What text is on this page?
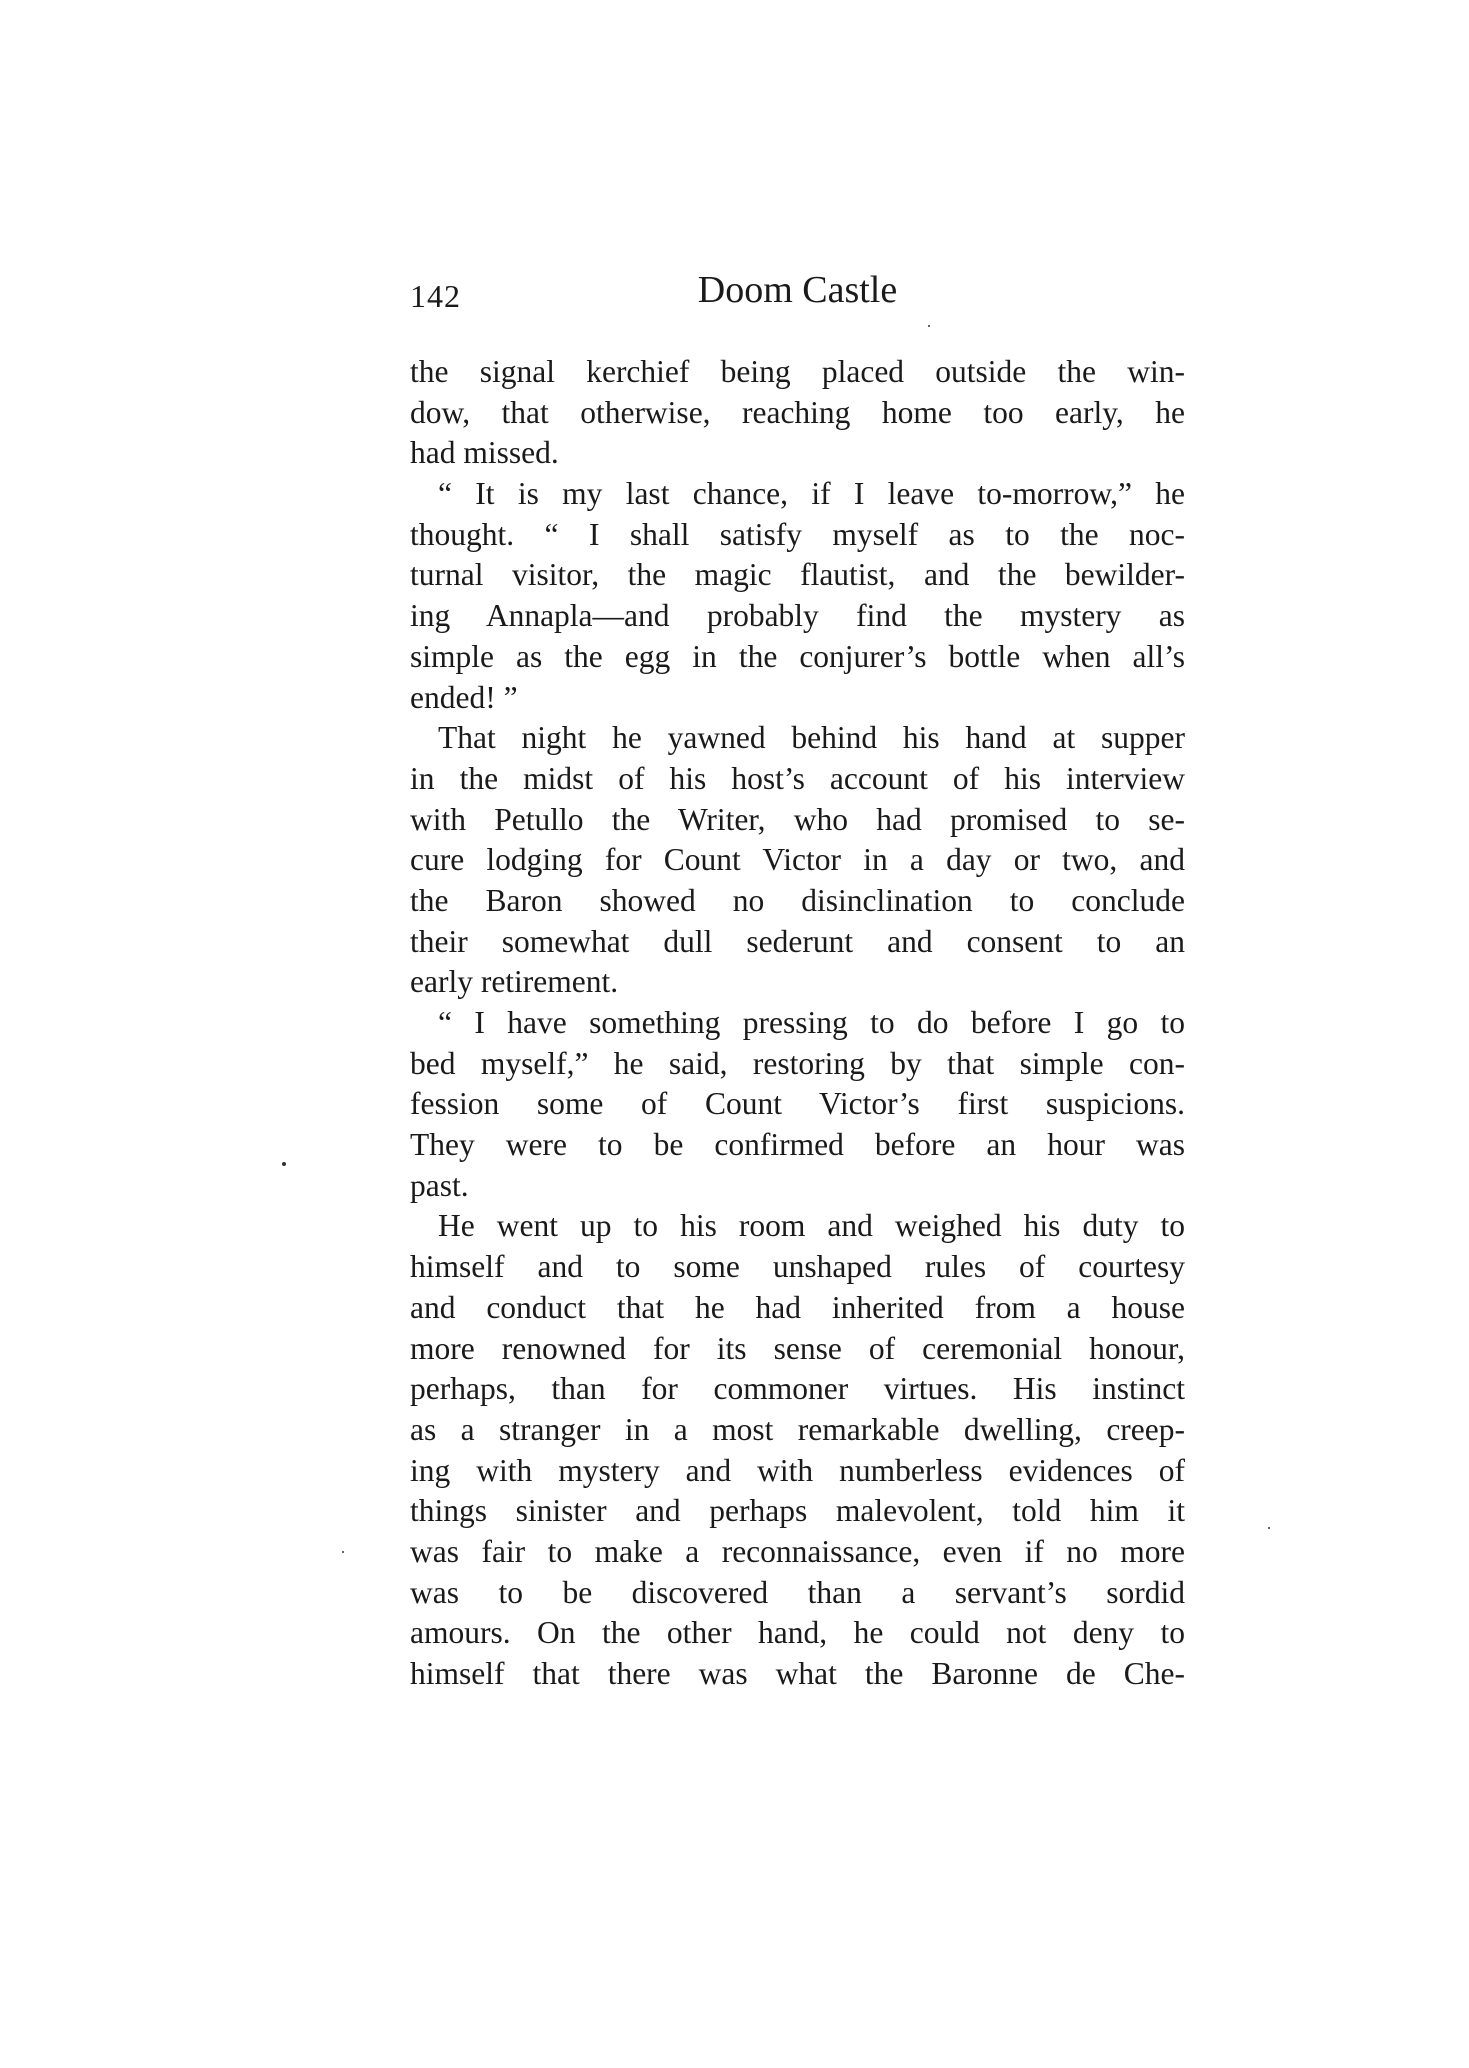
142	Doom Castle
the signal kerchief being placed outside the win-
dow, that otherwise, reaching home too early, he
had missed.
“ It is my last chance, if I leave to-morrow,” he
thought. “ I shall satisfy myself as to the noc-
turnal visitor, the magic flautist, and the bewilder-
ing Annapla—and probably find the mystery as
simple as the egg in the conjurer’s bottle when all’s
ended! ”
That night he yawned behind his hand at supper
in the midst of his host’s account of his interview
with Petullo the Writer, who had promised to se-
cure lodging for Count Victor in a day or two, and
the Baron showed no disinclination to conclude
their somewhat dull sederunt and consent to an
early retirement.
“ I have something pressing to do before I go to
bed myself,” he said, restoring by that simple con-
fession some of Count Victor’s first suspicions.
They were to be confirmed before an hour was
past.
He went up to his room and weighed his duty to
himself and to some unshaped rules of courtesy
and conduct that he had inherited from a house
more renowned for its sense of ceremonial honour,
perhaps, than for commoner virtues. His instinct
as a stranger in a most remarkable dwelling, creep-
ing with mystery and with numberless evidences of
things sinister and perhaps malevolent, told him it
was fair to make a reconnaissance, even if no more
was to be discovered than a servant’s sordid
amours. On the other hand, he could not deny to
himself that there was what the Baronne de Che-
